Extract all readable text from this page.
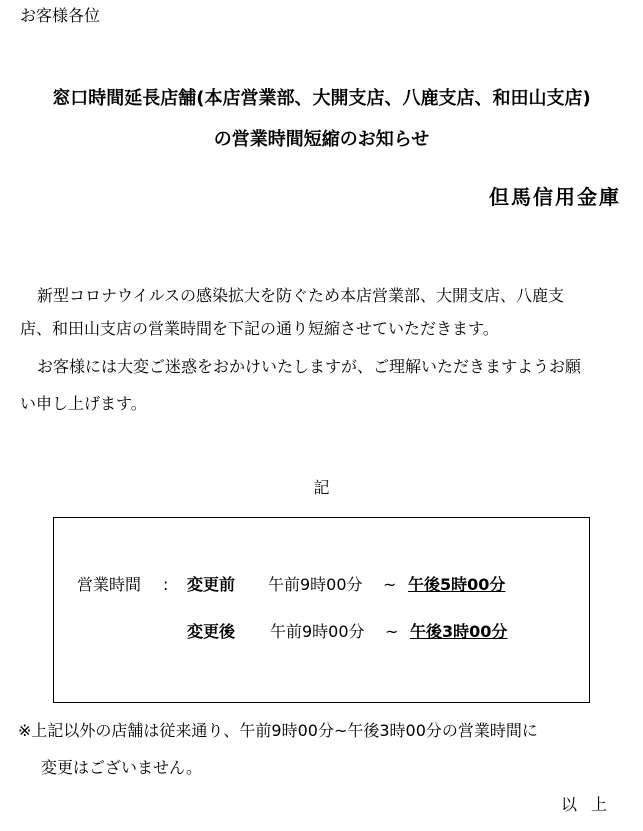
お客様各位
窓口時間延長店舗(本店営業部、大開支店、八鹿支店、和田山支店)
の営業時間短縮のお知らせ
但馬信用金庫
新型コロナウイルスの感染拡大を防ぐため本店営業部、大開支店、八鹿支
店、和田山支店の営業時間を下記の通り短縮させていただきます。
お客様には大変ご迷惑をおかけいたしますが、ご理解いただきますようお願
い申し上げます。
記
営業時間 : 変更前 午前9時00分 ~ 午後5時00分
変更後 午前9時00分 ~ 午後3時00分
※上記以外の店舗は従来通り、午前9時00分~午後3時00分の営業時間に
変更はございません。
以上
